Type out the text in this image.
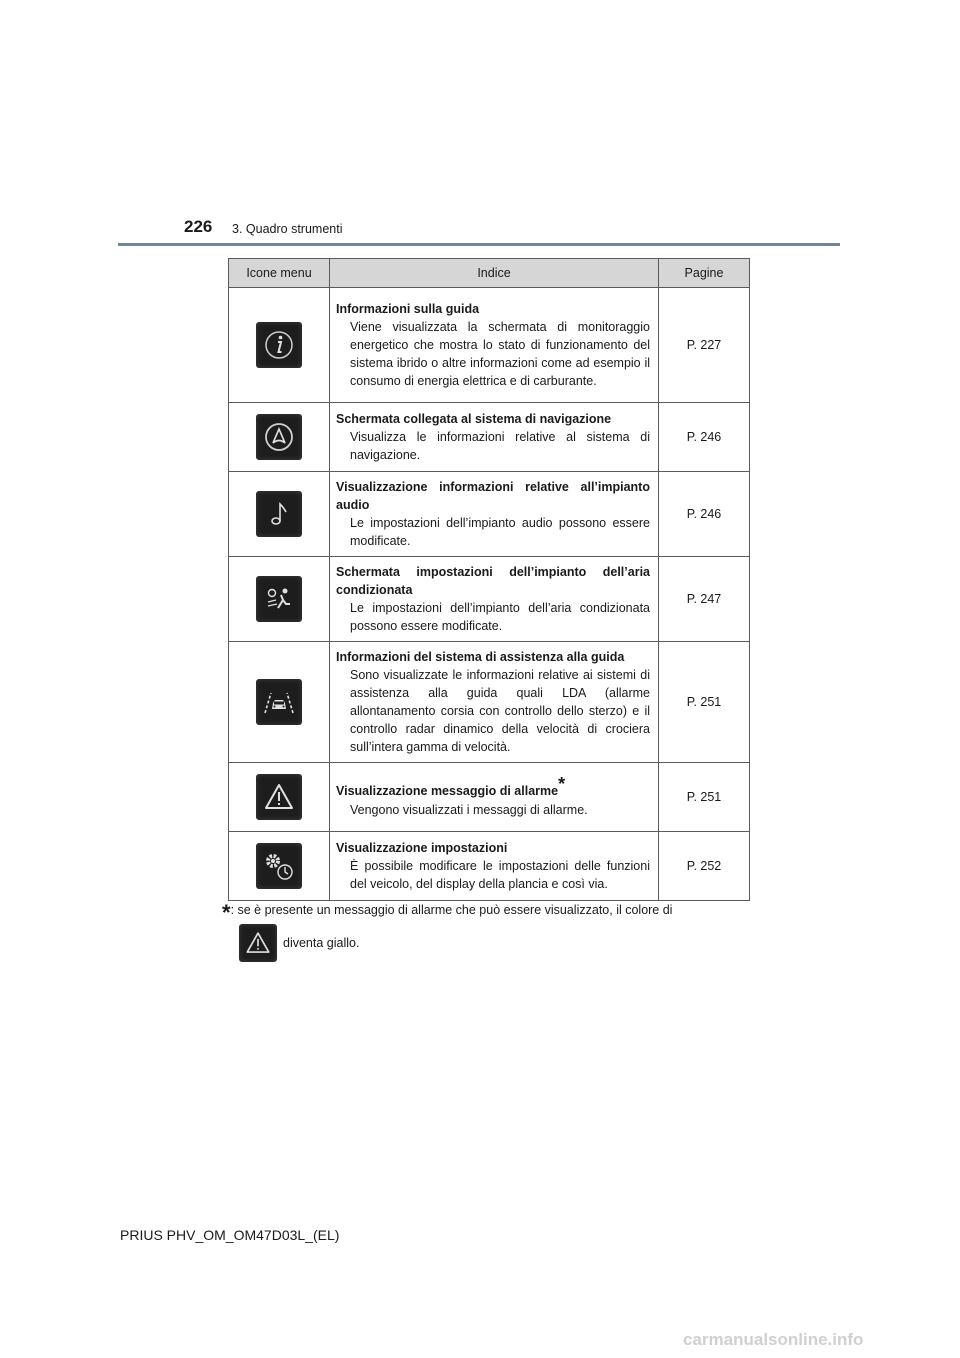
226 3. Quadro strumenti
Icone menu	Indice	Pagine

Informazioni sulla guida
Viene visualizzata la schermata di monitoraggio energetico che mostra lo stato di funzionamento del sistema ibrido o altre informazioni come ad esempio il consumo di energia elettrica e di carburante.	P. 227

Schermata collegata al sistema di navigazione
Visualizza le informazioni relative al sistema di navigazione.	P. 246

Visualizzazione informazioni relative all’impianto audio
Le impostazioni dell’impianto audio possono essere modificate.	P. 246

Schermata impostazioni dell’impianto dell’aria condizionata
Le impostazioni dell’impianto dell’aria condizionata possono essere modificate.	P. 247

Informazioni del sistema di assistenza alla guida
Sono visualizzate le informazioni relative ai sistemi di assistenza alla guida quali LDA (allarme allontanamento corsia con controllo dello sterzo) e il controllo radar dinamico della velocità di crociera sull’intera gamma di velocità.	P. 251

Visualizzazione messaggio di allarme*
Vengono visualizzati i messaggi di allarme.	P. 251

Visualizzazione impostazioni
È possibile modificare le impostazioni delle funzioni del veicolo, del display della plancia e così via.	P. 252
*: se è presente un messaggio di allarme che può essere visualizzato, il colore di
diventa giallo.
PRIUS PHV_OM_OM47D03L_(EL)
carmanualsonline.info
